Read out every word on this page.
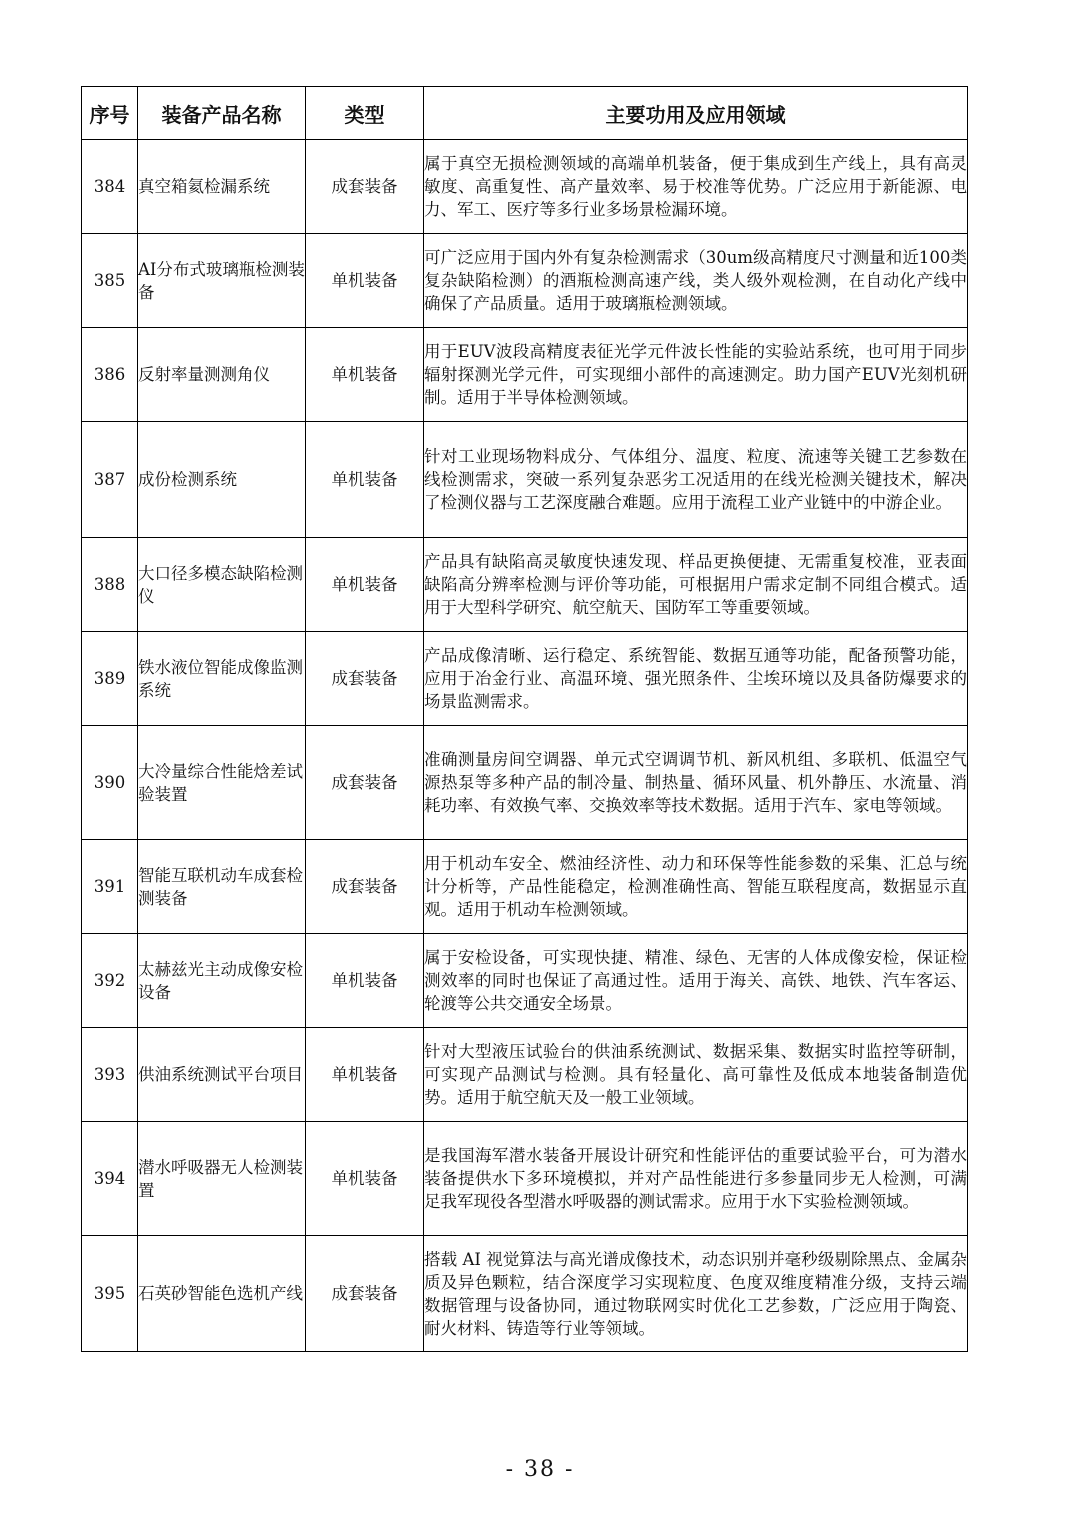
序号	装备产品名称	类型	主要功用及应用领域
384	真空箱氦检漏系统	成套装备	属于真空无损检测领域的高端单机装备，便于集成到生产线上，具有高灵敏度、高重复性、高产量效率、易于校准等优势。广泛应用于新能源、电力、军工、医疗等多行业多场景检漏环境。
385	AI分布式玻璃瓶检测装备	单机装备	可广泛应用于国内外有复杂检测需求（30um级高精度尺寸测量和近100类复杂缺陷检测）的酒瓶检测高速产线，类人级外观检测，在自动化产线中确保了产品质量。适用于玻璃瓶检测领域。
386	反射率量测测角仪	单机装备	用于EUV波段高精度表征光学元件波长性能的实验站系统，也可用于同步辐射探测光学元件，可实现细小部件的高速测定。助力国产EUV光刻机研制。适用于半导体检测领域。
387	成份检测系统	单机装备	针对工业现场物料成分、气体组分、温度、粒度、流速等关键工艺参数在线检测需求，突破一系列复杂恶劣工况适用的在线光检测关键技术，解决了检测仪器与工艺深度融合难题。应用于流程工业产业链中的中游企业。
388	大口径多模态缺陷检测仪	单机装备	产品具有缺陷高灵敏度快速发现、样品更换便捷、无需重复校准，亚表面缺陷高分辨率检测与评价等功能，可根据用户需求定制不同组合模式。适用于大型科学研究、航空航天、国防军工等重要领域。
389	铁水液位智能成像监测系统	成套装备	产品成像清晰、运行稳定、系统智能、数据互通等功能，配备预警功能，应用于冶金行业、高温环境、强光照条件、尘埃环境以及具备防爆要求的场景监测需求。
390	大冷量综合性能焓差试验装置	成套装备	准确测量房间空调器、单元式空调调节机、新风机组、多联机、低温空气源热泵等多种产品的制冷量、制热量、循环风量、机外静压、水流量、消耗功率、有效换气率、交换效率等技术数据。适用于汽车、家电等领域。
391	智能互联机动车成套检测装备	成套装备	用于机动车安全、燃油经济性、动力和环保等性能参数的采集、汇总与统计分析等，产品性能稳定，检测准确性高、智能互联程度高，数据显示直观。适用于机动车检测领域。
392	太赫兹光主动成像安检设备	单机装备	属于安检设备，可实现快捷、精准、绿色、无害的人体成像安检，保证检测效率的同时也保证了高通过性。适用于海关、高铁、地铁、汽车客运、轮渡等公共交通安全场景。
393	供油系统测试平台项目	单机装备	针对大型液压试验台的供油系统测试、数据采集、数据实时监控等研制，可实现产品测试与检测。具有轻量化、高可靠性及低成本地装备制造优势。适用于航空航天及一般工业领域。
394	潜水呼吸器无人检测装置	单机装备	是我国海军潜水装备开展设计研究和性能评估的重要试验平台，可为潜水装备提供水下多环境模拟，并对产品性能进行多参量同步无人检测，可满足我军现役各型潜水呼吸器的测试需求。应用于水下实验检测领域。
395	石英砂智能色选机产线	成套装备	搭载 AI 视觉算法与高光谱成像技术，动态识别并毫秒级剔除黑点、金属杂质及异色颗粒，结合深度学习实现粒度、色度双维度精准分级，支持云端数据管理与设备协同，通过物联网实时优化工艺参数，广泛应用于陶瓷、耐火材料、铸造等行业等领域。
- 38 -
